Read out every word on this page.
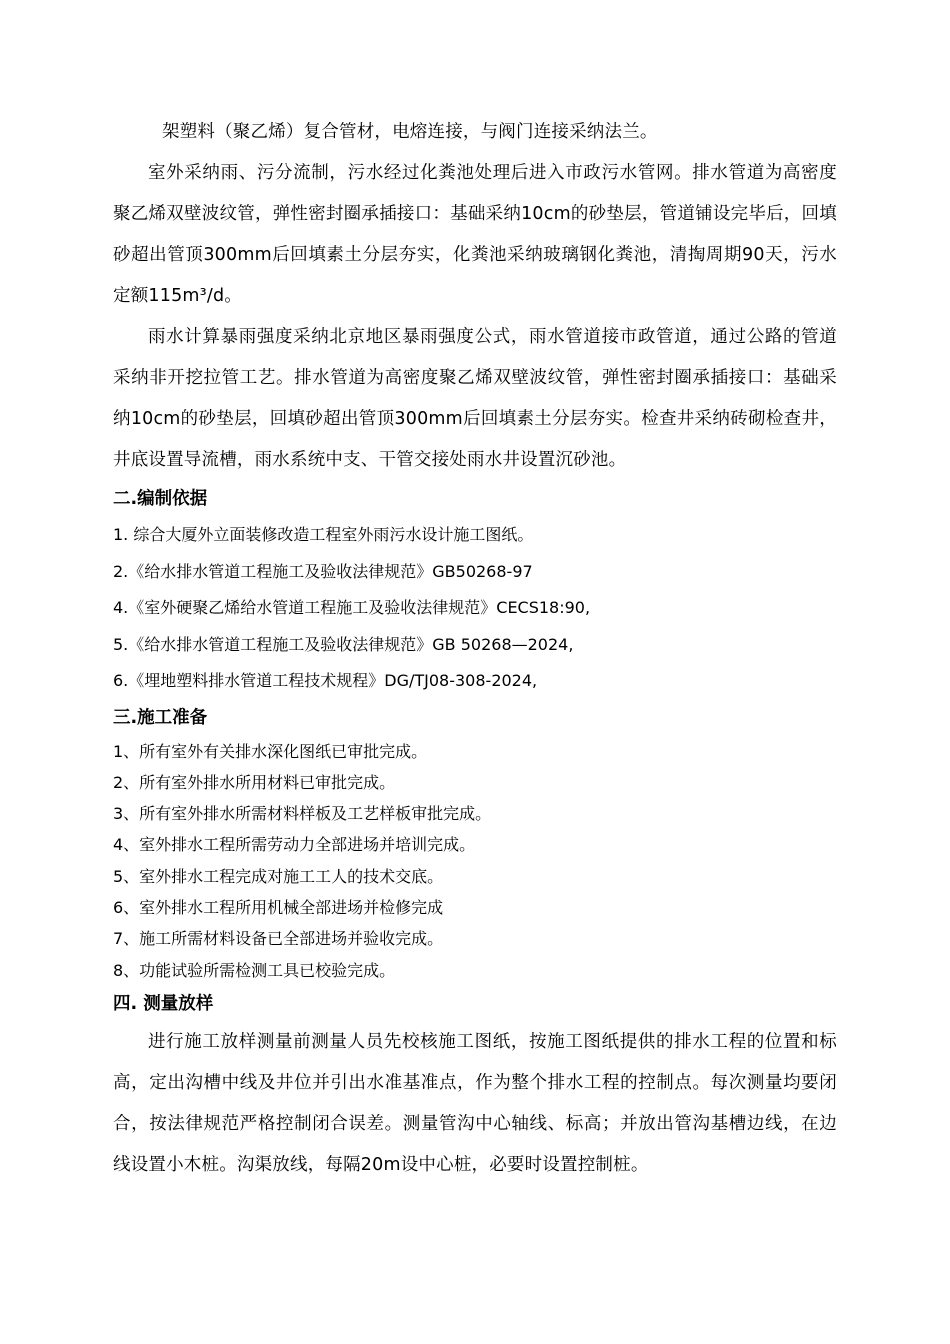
架塑料（聚乙烯）复合管材，电熔连接，与阀门连接采纳法兰。

室外采纳雨、污分流制，污水经过化粪池处理后进入市政污水管网。排水管道为高密度聚乙烯双壁波纹管，弹性密封圈承插接口：基础采纳10cm的砂垫层，管道铺设完毕后，回填砂超出管顶300mm后回填素土分层夯实，化粪池采纳玻璃钢化粪池，清掏周期90天，污水定额115m³/d。

雨水计算暴雨强度采纳北京地区暴雨强度公式，雨水管道接市政管道，通过公路的管道采纳非开挖拉管工艺。排水管道为高密度聚乙烯双壁波纹管，弹性密封圈承插接口：基础采纳10cm的砂垫层，回填砂超出管顶300mm后回填素土分层夯实。检查井采纳砖砌检查井，井底设置导流槽，雨水系统中支、干管交接处雨水井设置沉砂池。

二.编制依据

1. 综合大厦外立面装修改造工程室外雨污水设计施工图纸。

2.《给水排水管道工程施工及验收法律规范》GB50268-97

4.《室外硬聚乙烯给水管道工程施工及验收法律规范》CECS18:90,

5.《给水排水管道工程施工及验收法律规范》GB 50268—2024,

6.《埋地塑料排水管道工程技术规程》DG/TJ08-308-2024,

三.施工准备

1、所有室外有关排水深化图纸已审批完成。

2、所有室外排水所用材料已审批完成。

3、所有室外排水所需材料样板及工艺样板审批完成。

4、室外排水工程所需劳动力全部进场并培训完成。

5、室外排水工程完成对施工工人的技术交底。

6、室外排水工程所用机械全部进场并检修完成

7、施工所需材料设备已全部进场并验收完成。

8、功能试验所需检测工具已校验完成。

四. 测量放样

进行施工放样测量前测量人员先校核施工图纸，按施工图纸提供的排水工程的位置和标高，定出沟槽中线及井位并引出水准基准点，作为整个排水工程的控制点。每次测量均要闭合，按法律规范严格控制闭合误差。测量管沟中心轴线、标高；并放出管沟基槽边线，在边线设置小木桩。沟渠放线，每隔20m设中心桩，必要时设置控制桩。
